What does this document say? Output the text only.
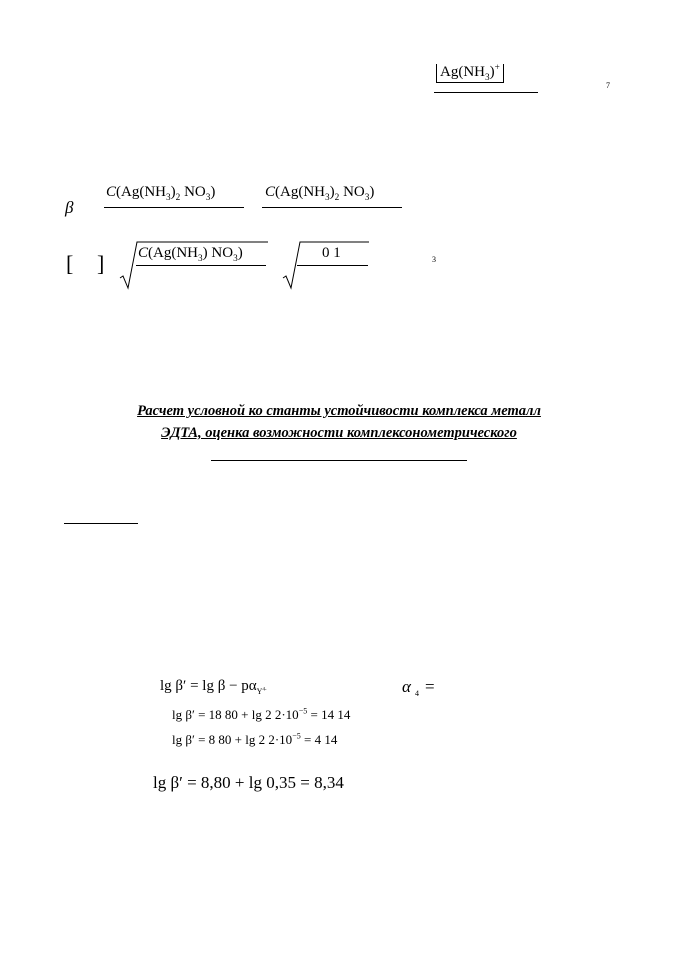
$Ag(NH_3)^+$
7
β
$C(Ag(NH_3)_2$ $NO_3$)	$C(Ag(NH_3)_2$ $NO_3$)
[ ] $C(Ag(NH_3)$ $NO_3$)	0 1	3
Расчет условной ко станты устойчивости комплекса металл
ЭДТА, оценка возможности комплексонометрического
$\lg \beta' = \lg \beta - p\alpha_{Y^{4-}}$	α $_4$ =
lg β′ = 18 80 + lg 2 $2\cdot 10^{-5} = 14$ 14
lg β′ = 8 80 + lg 2 $2\cdot 10^{-5} = 4$ 14
lg β′ = 8,80 + lg 0,35 = 8,34
